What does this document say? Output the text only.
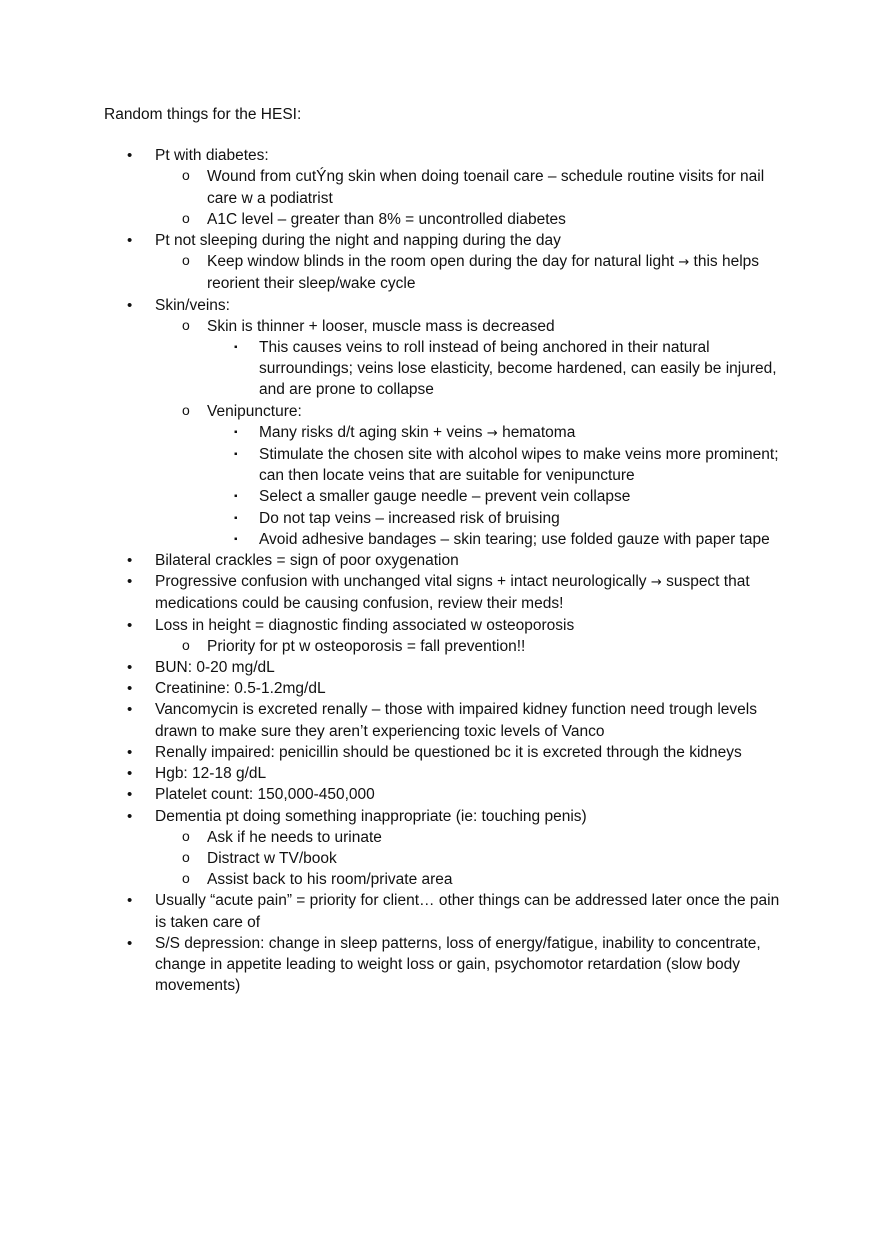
Random things for the HESI:

• Pt with diabetes:
o Wound from cutÝng skin when doing toenail care – schedule routine visits for nail care w a podiatrist
o A1C level – greater than 8% = uncontrolled diabetes
• Pt not sleeping during the night and napping during the day
o Keep window blinds in the room open during the day for natural light → this helps reorient their sleep/wake cycle
• Skin/veins:
o Skin is thinner + looser, muscle mass is decreased
▪ This causes veins to roll instead of being anchored in their natural surroundings; veins lose elasticity, become hardened, can easily be injured, and are prone to collapse
o Venipuncture:
▪ Many risks d/t aging skin + veins → hematoma
▪ Stimulate the chosen site with alcohol wipes to make veins more prominent; can then locate veins that are suitable for venipuncture
▪ Select a smaller gauge needle – prevent vein collapse
▪ Do not tap veins – increased risk of bruising
▪ Avoid adhesive bandages – skin tearing; use folded gauze with paper tape
• Bilateral crackles = sign of poor oxygenation
• Progressive confusion with unchanged vital signs + intact neurologically → suspect that medications could be causing confusion, review their meds!
• Loss in height = diagnostic finding associated w osteoporosis
o Priority for pt w osteoporosis = fall prevention!!
• BUN: 0-20 mg/dL
• Creatinine: 0.5-1.2mg/dL
• Vancomycin is excreted renally – those with impaired kidney function need trough levels drawn to make sure they aren’t experiencing toxic levels of Vanco
• Renally impaired: penicillin should be questioned bc it is excreted through the kidneys
• Hgb: 12-18 g/dL
• Platelet count: 150,000-450,000
• Dementia pt doing something inappropriate (ie: touching penis)
o Ask if he needs to urinate
o Distract w TV/book
o Assist back to his room/private area
• Usually “acute pain” = priority for client… other things can be addressed later once the pain is taken care of
• S/S depression: change in sleep patterns, loss of energy/fatigue, inability to concentrate, change in appetite leading to weight loss or gain, psychomotor retardation (slow body movements)
